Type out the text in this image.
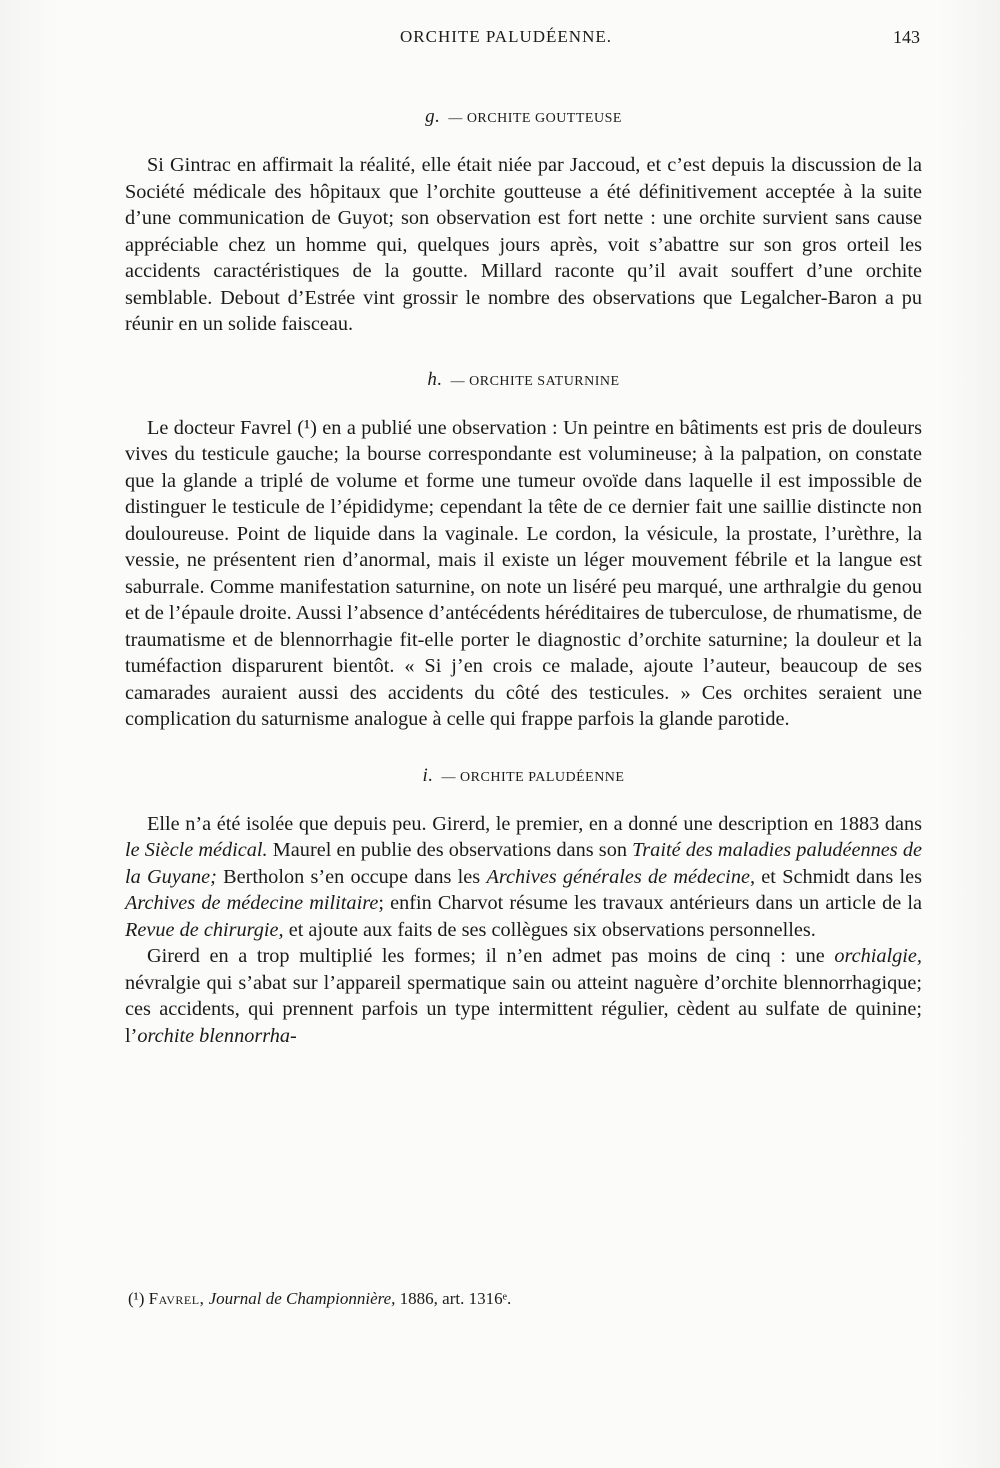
ORCHITE PALUDÉENNE.	143
g. — ORCHITE GOUTTEUSE

Si Gintrac en affirmait la réalité, elle était niée par Jaccoud, et c’est depuis la discussion de la Société médicale des hôpitaux que l’orchite goutteuse a été définitivement acceptée à la suite d’une communication de Guyot; son observation est fort nette : une orchite survient sans cause appréciable chez un homme qui, quelques jours après, voit s’abattre sur son gros orteil les accidents caractéristiques de la goutte. Millard raconte qu’il avait souffert d’une orchite semblable. Debout d’Estrée vint grossir le nombre des observations que Legalcher-Baron a pu réunir en un solide faisceau.

h. — ORCHITE SATURNINE

Le docteur Favrel (¹) en a publié une observation : Un peintre en bâtiments est pris de douleurs vives du testicule gauche; la bourse correspondante est volumineuse; à la palpation, on constate que la glande a triplé de volume et forme une tumeur ovoïde dans laquelle il est impossible de distinguer le testicule de l’épididyme; cependant la tête de ce dernier fait une saillie distincte non douloureuse. Point de liquide dans la vaginale. Le cordon, la vésicule, la prostate, l’urèthre, la vessie, ne présentent rien d’anormal, mais il existe un léger mouvement fébrile et la langue est saburrale. Comme manifestation saturnine, on note un liséré peu marqué, une arthralgie du genou et de l’épaule droite. Aussi l’absence d’antécédents héréditaires de tuberculose, de rhumatisme, de traumatisme et de blennorrhagie fit-elle porter le diagnostic d’orchite saturnine; la douleur et la tuméfaction disparurent bientôt. « Si j’en crois ce malade, ajoute l’auteur, beaucoup de ses camarades auraient aussi des accidents du côté des testicules. » Ces orchites seraient une complication du saturnisme analogue à celle qui frappe parfois la glande parotide.

i. — ORCHITE PALUDÉENNE

Elle n’a été isolée que depuis peu. Girerd, le premier, en a donné une description en 1883 dans le Siècle médical. Maurel en publie des observations dans son Traité des maladies paludéennes de la Guyane; Bertholon s’en occupe dans les Archives générales de médecine, et Schmidt dans les Archives de médecine militaire; enfin Charvot résume les travaux antérieurs dans un article de la Revue de chirurgie, et ajoute aux faits de ses collègues six observations personnelles.

Girerd en a trop multiplié les formes; il n’en admet pas moins de cinq : une orchialgie, névralgie qui s’abat sur l’appareil spermatique sain ou atteint naguère d’orchite blennorrhagique; ces accidents, qui prennent parfois un type intermittent régulier, cèdent au sulfate de quinine; l’orchite blennorrha-

(¹) Favrel, Journal de Championnière, 1886, art. 1316ᵉ.
